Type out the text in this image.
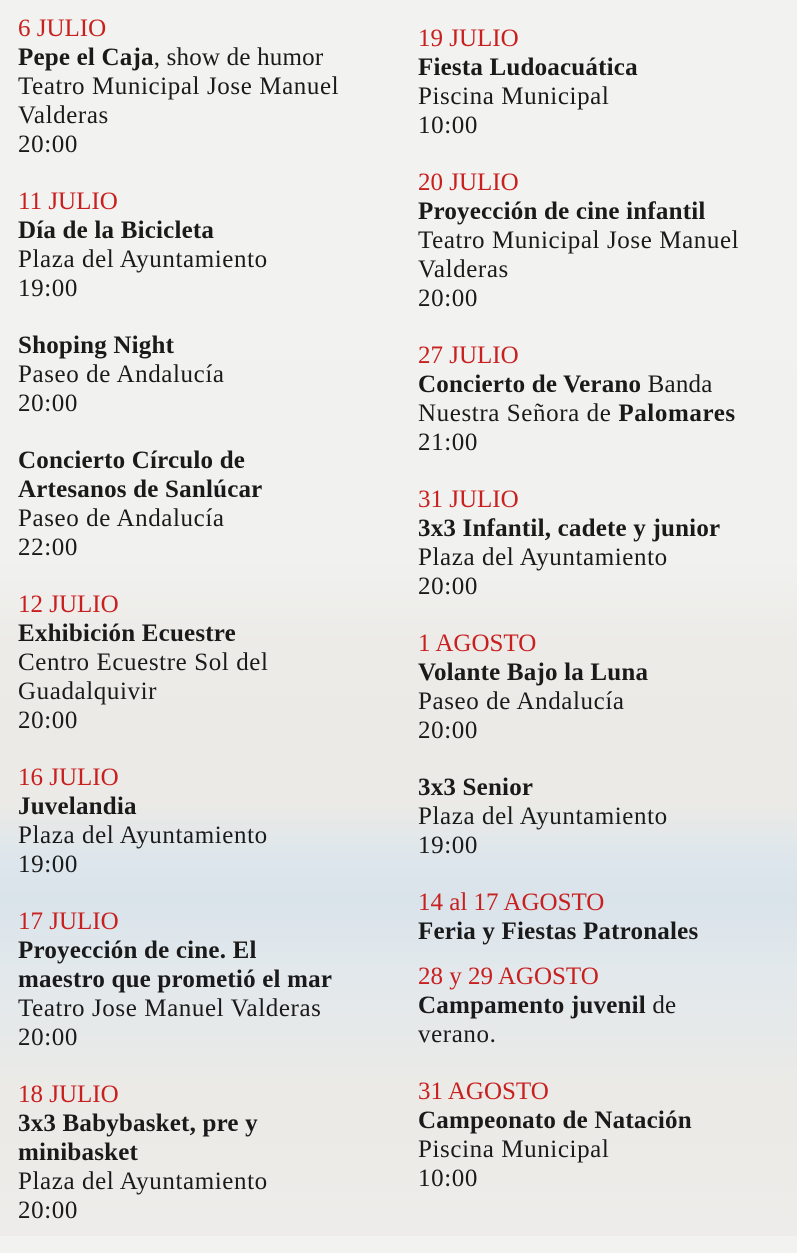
6 JULIO
Pepe el Caja, show de humor
Teatro Municipal Jose Manuel
Valderas
20:00
11 JULIO
Día de la Bicicleta
Plaza del Ayuntamiento
19:00
Shoping Night
Paseo de Andalucía
20:00
Concierto Círculo de
Artesanos de Sanlúcar
Paseo de Andalucía
22:00
12 JULIO
Exhibición Ecuestre
Centro Ecuestre Sol del
Guadalquivir
20:00
16 JULIO
Juvelandia
Plaza del Ayuntamiento
19:00
17 JULIO
Proyección de cine. El
maestro que prometió el mar
Teatro Jose Manuel Valderas
20:00
18 JULIO
3x3 Babybasket, pre y
minibasket
Plaza del Ayuntamiento
20:00
19 JULIO
Fiesta Ludoacuática
Piscina Municipal
10:00
20 JULIO
Proyección de cine infantil
Teatro Municipal Jose Manuel
Valderas
20:00
27 JULIO
Concierto de Verano Banda
Nuestra Señora de Palomares
21:00
31 JULIO
3x3 Infantil, cadete y junior
Plaza del Ayuntamiento
20:00
1 AGOSTO
Volante Bajo la Luna
Paseo de Andalucía
20:00
3x3 Senior
Plaza del Ayuntamiento
19:00
14 al 17 AGOSTO
Feria y Fiestas Patronales
28 y 29 AGOSTO
Campamento juvenil de
verano.
31 AGOSTO
Campeonato de Natación
Piscina Municipal
10:00
